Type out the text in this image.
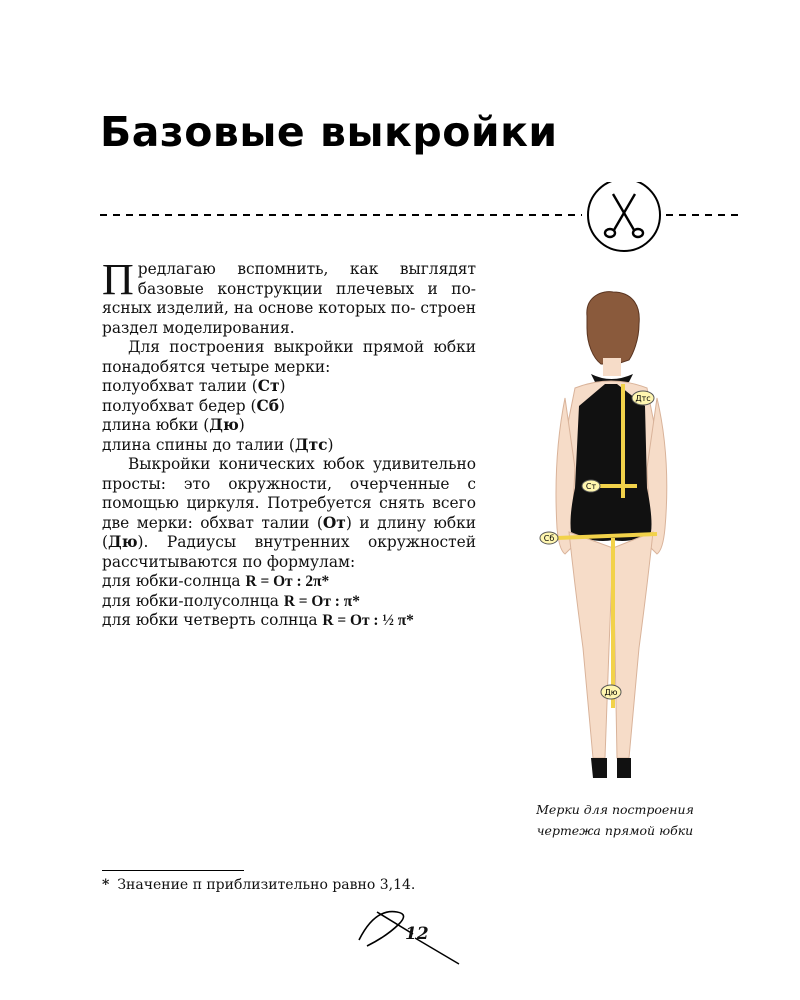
Базовые выкройки

П редлагаю вспомнить, как выглядят базовые конструкции плечевых и по- ясных изделий, на основе которых по- строен раздел моделирования.

Для построения выкройки прямой юбки понадобятся четыре мерки:

полуобхват талии (Ст)

полуобхват бедер (Сб)

длина юбки (Дю)

длина спины до талии (Дтс)

Выкройки конических юбок удивительно просты: это окружности, очерченные с помощью циркуля. Потребуется снять всего две мерки: обхват талии (От) и длину юбки (Дю). Радиусы внутренних окружностей рассчитываются по формулам:

для юбки-солнца R = От : 2π*

для юбки-полусолнца R = От : π*

для юбки четверть солнца R = От : ½ π*

Дтс
Ст
Сб
Дю
Мерки для построения
чертежа прямой юбки
* Значение π приблизительно равно 3,14.
12
